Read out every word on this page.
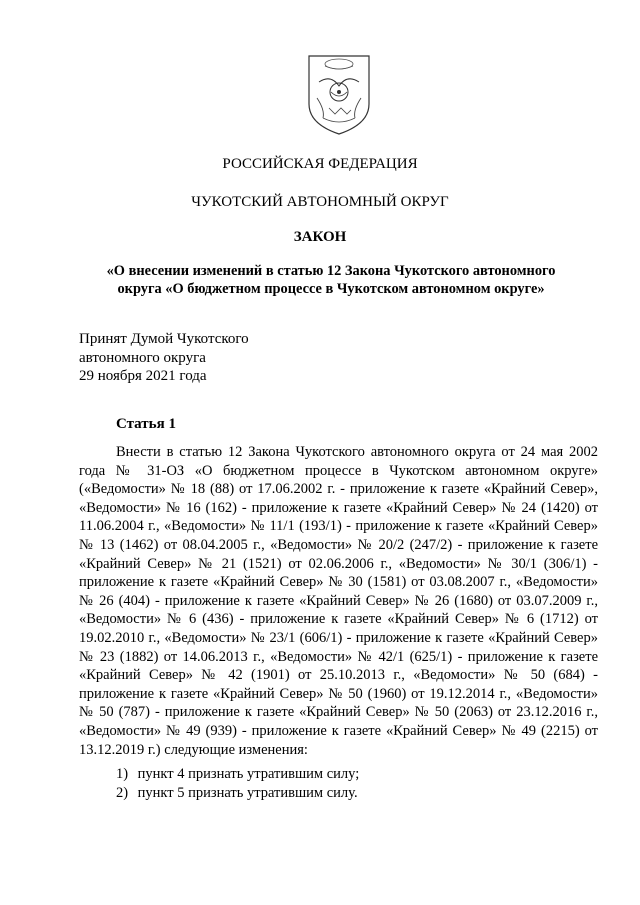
РОССИЙСКАЯ ФЕДЕРАЦИЯ
ЧУКОТСКИЙ АВТОНОМНЫЙ ОКРУГ
ЗАКОН
«О внесении изменений в статью 12 Закона Чукотского автономного округа «О бюджетном процессе в Чукотском автономном округе»
Принят Думой Чукотского
автономного округа
29 ноября 2021 года
Статья 1
Внести в статью 12 Закона Чукотского автономного округа от 24 мая 2002 года № 31-ОЗ «О бюджетном процессе в Чукотском автономном округе» («Ведомости» № 18 (88) от 17.06.2002 г. - приложение к газете «Крайний Север», «Ведомости» № 16 (162) - приложение к газете «Крайний Север» № 24 (1420) от 11.06.2004 г., «Ведомости» № 11/1 (193/1) - приложение к газете «Крайний Север» № 13 (1462) от 08.04.2005 г., «Ведомости» № 20/2 (247/2) - приложение к газете «Крайний Север» № 21 (1521) от 02.06.2006 г., «Ведомости» № 30/1 (306/1) - приложение к газете «Крайний Север» № 30 (1581) от 03.08.2007 г., «Ведомости» № 26 (404) - приложение к газете «Крайний Север» № 26 (1680) от 03.07.2009 г., «Ведомости» № 6 (436) - приложение к газете «Крайний Север» № 6 (1712) от 19.02.2010 г., «Ведомости» № 23/1 (606/1) - приложение к газете «Крайний Север» № 23 (1882) от 14.06.2013 г., «Ведомости» № 42/1 (625/1) - приложение к газете «Крайний Север» № 42 (1901) от 25.10.2013 г., «Ведомости» № 50 (684) - приложение к газете «Крайний Север» № 50 (1960) от 19.12.2014 г., «Ведомости» № 50 (787) - приложение к газете «Крайний Север» № 50 (2063) от 23.12.2016 г., «Ведомости» № 49 (939) - приложение к газете «Крайний Север» № 49 (2215) от 13.12.2019 г.) следующие изменения:
1) пункт 4 признать утратившим силу;
2) пункт 5 признать утратившим силу.
